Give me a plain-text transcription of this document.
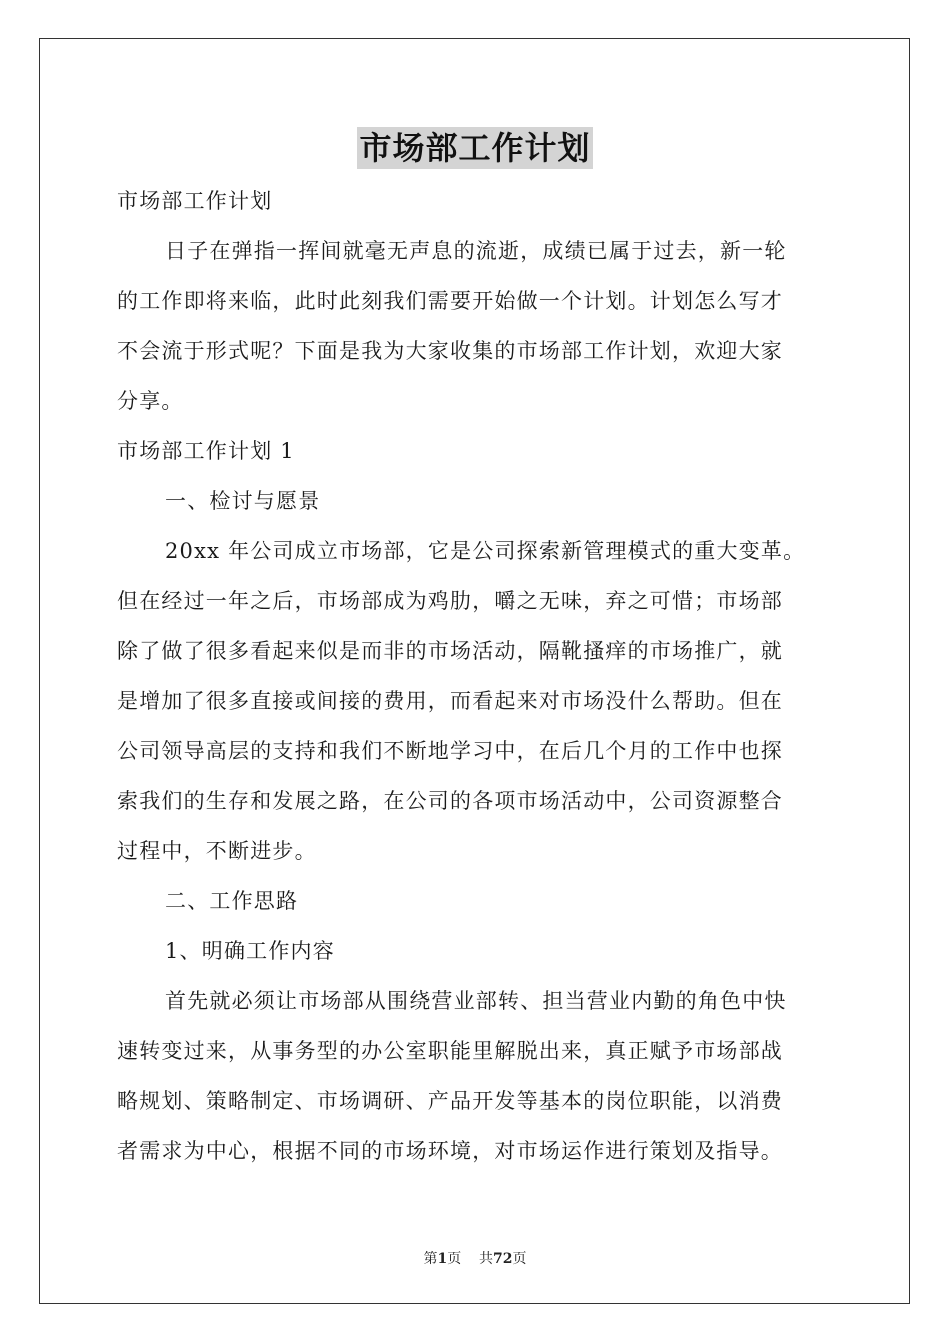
市场部工作计划
市场部工作计划
日子在弹指一挥间就毫无声息的流逝，成绩已属于过去，新一轮
的工作即将来临，此时此刻我们需要开始做一个计划。计划怎么写才
不会流于形式呢？下面是我为大家收集的市场部工作计划，欢迎大家
分享。
市场部工作计划 1
一、检讨与愿景
20xx 年公司成立市场部，它是公司探索新管理模式的重大变革。
但在经过一年之后，市场部成为鸡肋，嚼之无味，弃之可惜；市场部
除了做了很多看起来似是而非的市场活动，隔靴搔痒的市场推广，就
是增加了很多直接或间接的费用，而看起来对市场没什么帮助。但在
公司领导高层的支持和我们不断地学习中，在后几个月的工作中也探
索我们的生存和发展之路，在公司的各项市场活动中，公司资源整合
过程中，不断进步。
二、工作思路
1、明确工作内容
首先就必须让市场部从围绕营业部转、担当营业内勤的角色中快
速转变过来，从事务型的办公室职能里解脱出来，真正赋予市场部战
略规划、策略制定、市场调研、产品开发等基本的岗位职能，以消费
者需求为中心，根据不同的市场环境，对市场运作进行策划及指导。
第1页 共72页
